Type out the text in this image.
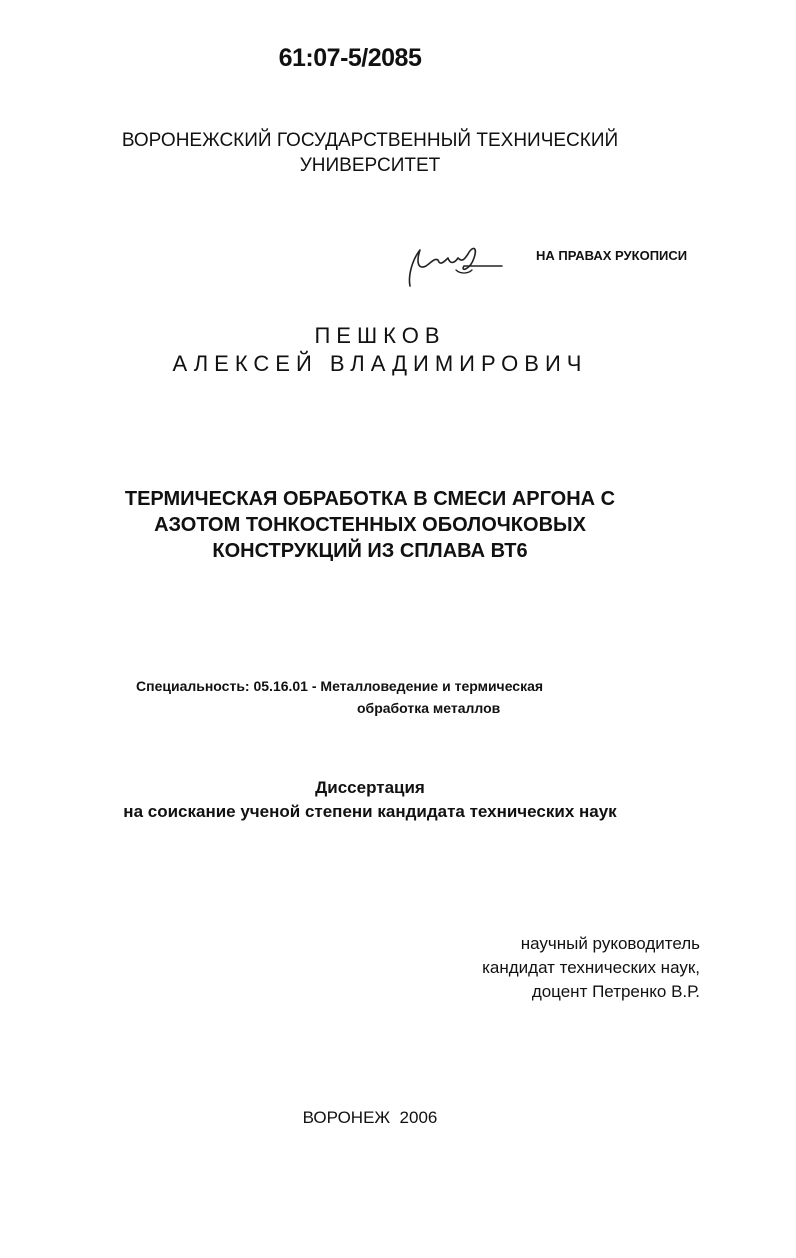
61:07-5/2085
ВОРОНЕЖСКИЙ ГОСУДАРСТВЕННЫЙ ТЕХНИЧЕСКИЙ
УНИВЕРСИТЕТ
НА ПРАВАХ РУКОПИСИ
ПЕШКОВ
АЛЕКСЕЙ ВЛАДИМИРОВИЧ
ТЕРМИЧЕСКАЯ ОБРАБОТКА В СМЕСИ АРГОНА С
АЗОТОМ ТОНКОСТЕННЫХ ОБОЛОЧКОВЫХ
КОНСТРУКЦИЙ ИЗ СПЛАВА ВТ6
Специальность: 05.16.01 - Металловедение и термическая
обработка металлов
Диссертация
на соискание ученой степени кандидата технических наук
научный руководитель
кандидат технических наук,
доцент Петренко В.Р.
ВОРОНЕЖ  2006
